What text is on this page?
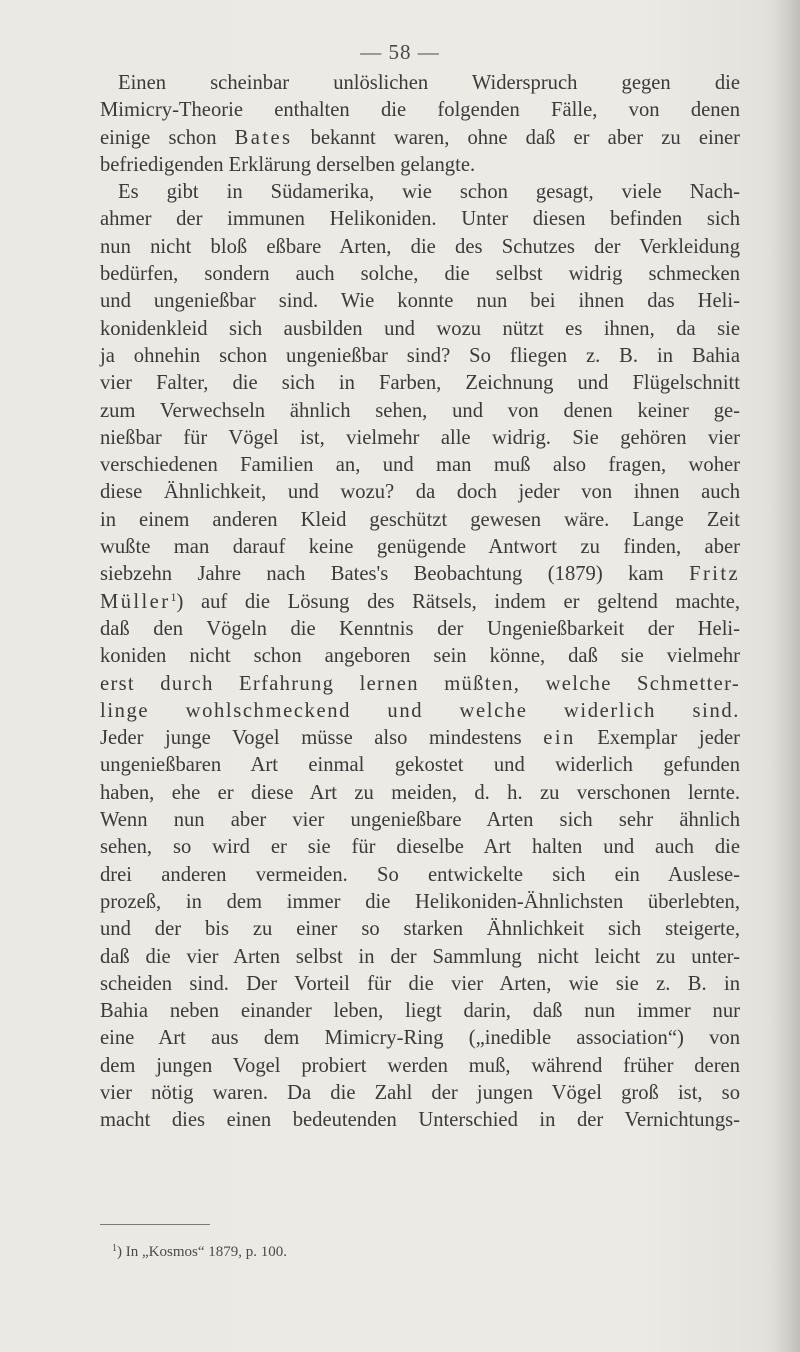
— 58 —
Einen scheinbar unlöslichen Widerspruch gegen die
Mimicry-Theorie enthalten die folgenden Fälle, von denen
einige schon Bates bekannt waren, ohne daß er aber zu einer
befriedigenden Erklärung derselben gelangte.
Es gibt in Südamerika, wie schon gesagt, viele Nach-
ahmer der immunen Helikoniden. Unter diesen befinden sich
nun nicht bloß eßbare Arten, die des Schutzes der Verkleidung
bedürfen, sondern auch solche, die selbst widrig schmecken
und ungenießbar sind. Wie konnte nun bei ihnen das Heli-
konidenkleid sich ausbilden und wozu nützt es ihnen, da sie
ja ohnehin schon ungenießbar sind? So fliegen z. B. in Bahia
vier Falter, die sich in Farben, Zeichnung und Flügelschnitt
zum Verwechseln ähnlich sehen, und von denen keiner ge-
nießbar für Vögel ist, vielmehr alle widrig. Sie gehören vier
verschiedenen Familien an, und man muß also fragen, woher
diese Ähnlichkeit, und wozu? da doch jeder von ihnen auch
in einem anderen Kleid geschützt gewesen wäre. Lange Zeit
wußte man darauf keine genügende Antwort zu finden, aber
siebzehn Jahre nach Bates's Beobachtung (1879) kam Fritz
Müller$^1$) auf die Lösung des Rätsels, indem er geltend machte,
daß den Vögeln die Kenntnis der Ungenießbarkeit der Heli-
koniden nicht schon angeboren sein könne, daß sie vielmehr
erst durch Erfahrung lernen müßten, welche Schmetter-
linge wohlschmeckend und welche widerlich sind.
Jeder junge Vogel müsse also mindestens ein Exemplar jeder
ungenießbaren Art einmal gekostet und widerlich gefunden
haben, ehe er diese Art zu meiden, d. h. zu verschonen lernte.
Wenn nun aber vier ungenießbare Arten sich sehr ähnlich
sehen, so wird er sie für dieselbe Art halten und auch die
drei anderen vermeiden. So entwickelte sich ein Auslese-
prozeß, in dem immer die Helikoniden-Ähnlichsten überlebten,
und der bis zu einer so starken Ähnlichkeit sich steigerte,
daß die vier Arten selbst in der Sammlung nicht leicht zu unter-
scheiden sind. Der Vorteil für die vier Arten, wie sie z. B. in
Bahia neben einander leben, liegt darin, daß nun immer nur
eine Art aus dem Mimicry-Ring („inedible association“) von
dem jungen Vogel probiert werden muß, während früher deren
vier nötig waren. Da die Zahl der jungen Vögel groß ist, so
macht dies einen bedeutenden Unterschied in der Vernichtungs-
$^1$) In „Kosmos“ 1879, p. 100.
